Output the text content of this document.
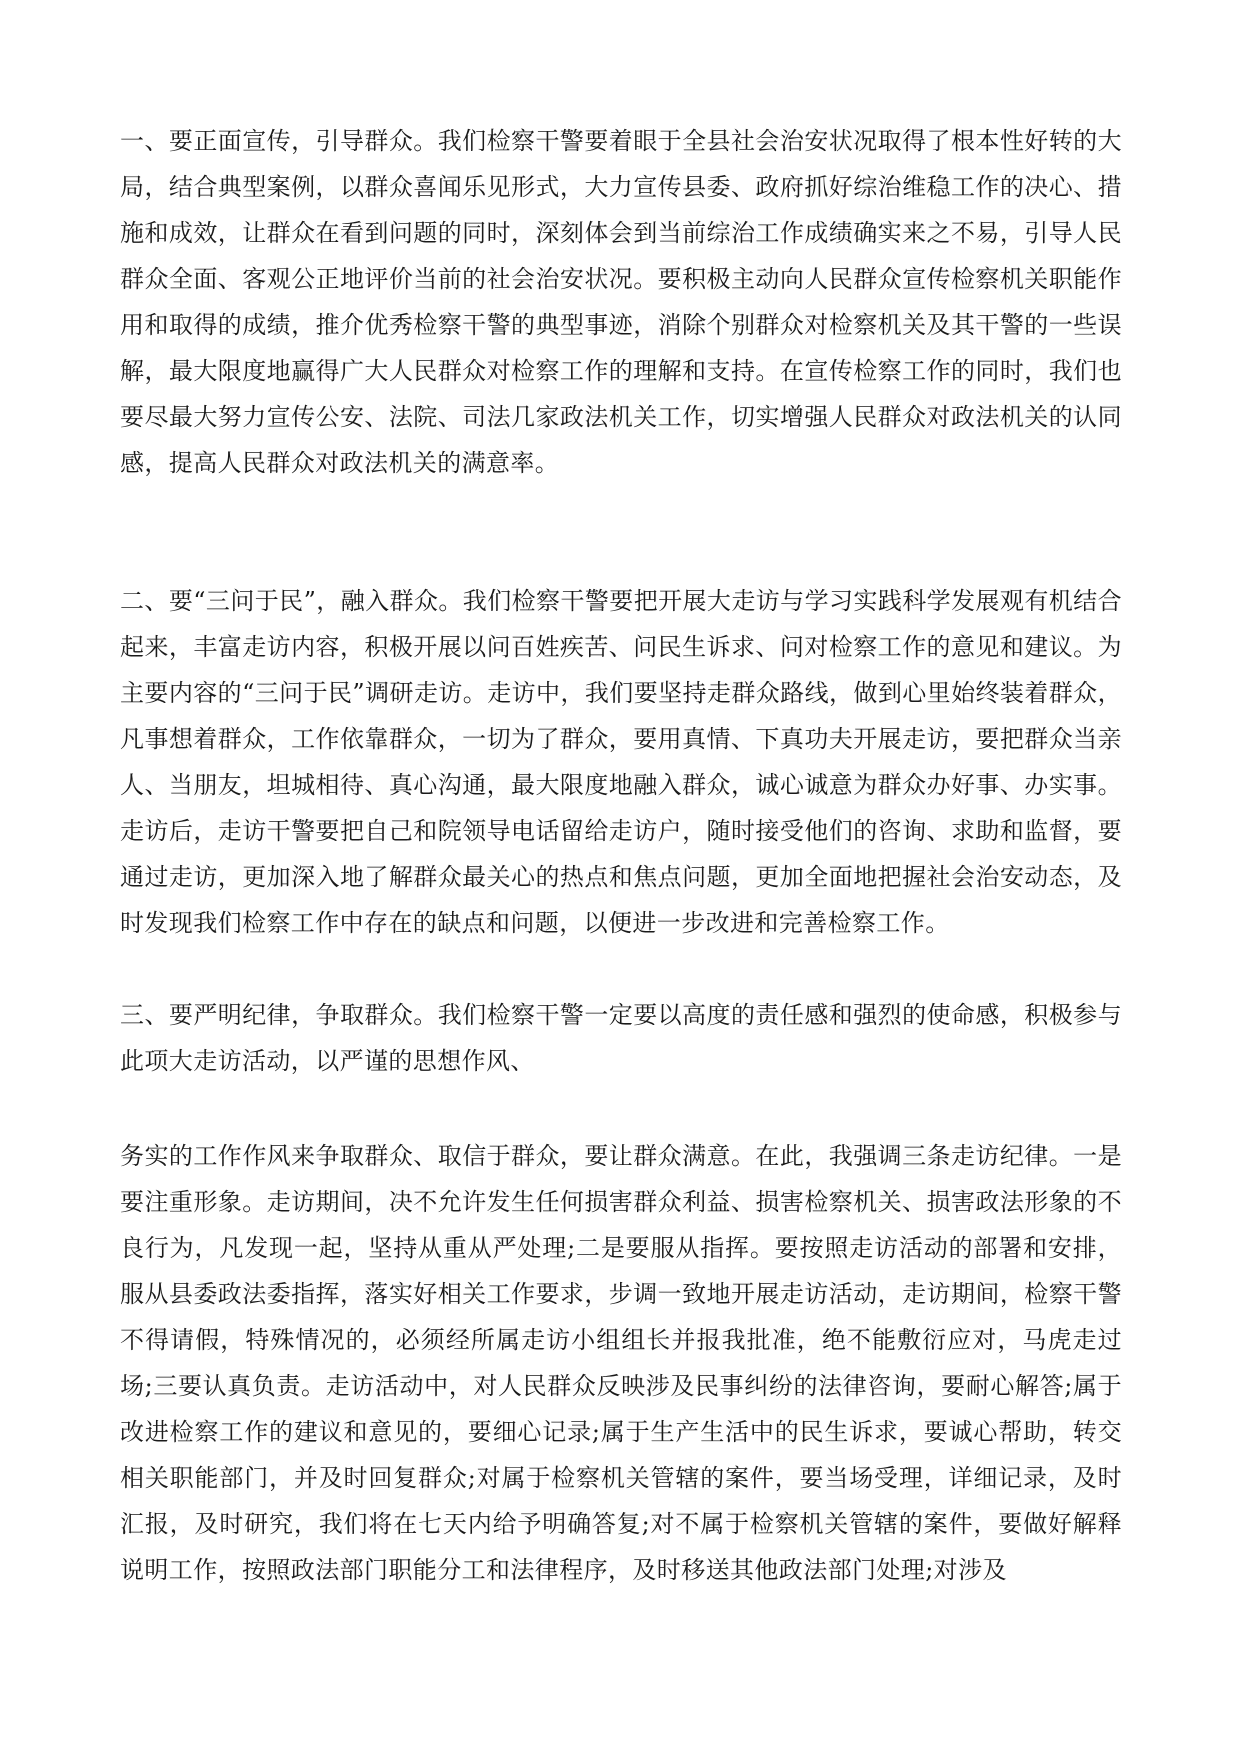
一、要正面宣传，引导群众。我们检察干警要着眼于全县社会治安状况取得了根本性好转的大局，结合典型案例，以群众喜闻乐见形式，大力宣传县委、政府抓好综治维稳工作的决心、措施和成效，让群众在看到问题的同时，深刻体会到当前综治工作成绩确实来之不易，引导人民群众全面、客观公正地评价当前的社会治安状况。要积极主动向人民群众宣传检察机关职能作用和取得的成绩，推介优秀检察干警的典型事迹，消除个别群众对检察机关及其干警的一些误解，最大限度地赢得广大人民群众对检察工作的理解和支持。在宣传检察工作的同时，我们也要尽最大努力宣传公安、法院、司法几家政法机关工作，切实增强人民群众对政法机关的认同感，提高人民群众对政法机关的满意率。

二、要“三问于民”，融入群众。我们检察干警要把开展大走访与学习实践科学发展观有机结合起来，丰富走访内容，积极开展以问百姓疾苦、问民生诉求、问对检察工作的意见和建议。为主要内容的“三问于民”调研走访。走访中，我们要坚持走群众路线，做到心里始终装着群众，凡事想着群众，工作依靠群众，一切为了群众，要用真情、下真功夫开展走访，要把群众当亲人、当朋友，坦城相待、真心沟通，最大限度地融入群众，诚心诚意为群众办好事、办实事。走访后，走访干警要把自己和院领导电话留给走访户，随时接受他们的咨询、求助和监督，要通过走访，更加深入地了解群众最关心的热点和焦点问题，更加全面地把握社会治安动态，及时发现我们检察工作中存在的缺点和问题，以便进一步改进和完善检察工作。

三、要严明纪律，争取群众。我们检察干警一定要以高度的责任感和强烈的使命感，积极参与此项大走访活动，以严谨的思想作风、

务实的工作作风来争取群众、取信于群众，要让群众满意。在此，我强调三条走访纪律。一是要注重形象。走访期间，决不允许发生任何损害群众利益、损害检察机关、损害政法形象的不良行为，凡发现一起，坚持从重从严处理;二是要服从指挥。要按照走访活动的部署和安排，服从县委政法委指挥，落实好相关工作要求，步调一致地开展走访活动，走访期间，检察干警不得请假，特殊情况的，必须经所属走访小组组长并报我批准，绝不能敷衍应对，马虎走过场;三要认真负责。走访活动中，对人民群众反映涉及民事纠纷的法律咨询，要耐心解答;属于改进检察工作的建议和意见的，要细心记录;属于生产生活中的民生诉求，要诚心帮助，转交相关职能部门，并及时回复群众;对属于检察机关管辖的案件，要当场受理，详细记录，及时汇报，及时研究，我们将在七天内给予明确答复;对不属于检察机关管辖的案件，要做好解释说明工作，按照政法部门职能分工和法律程序，及时移送其他政法部门处理;对涉及
